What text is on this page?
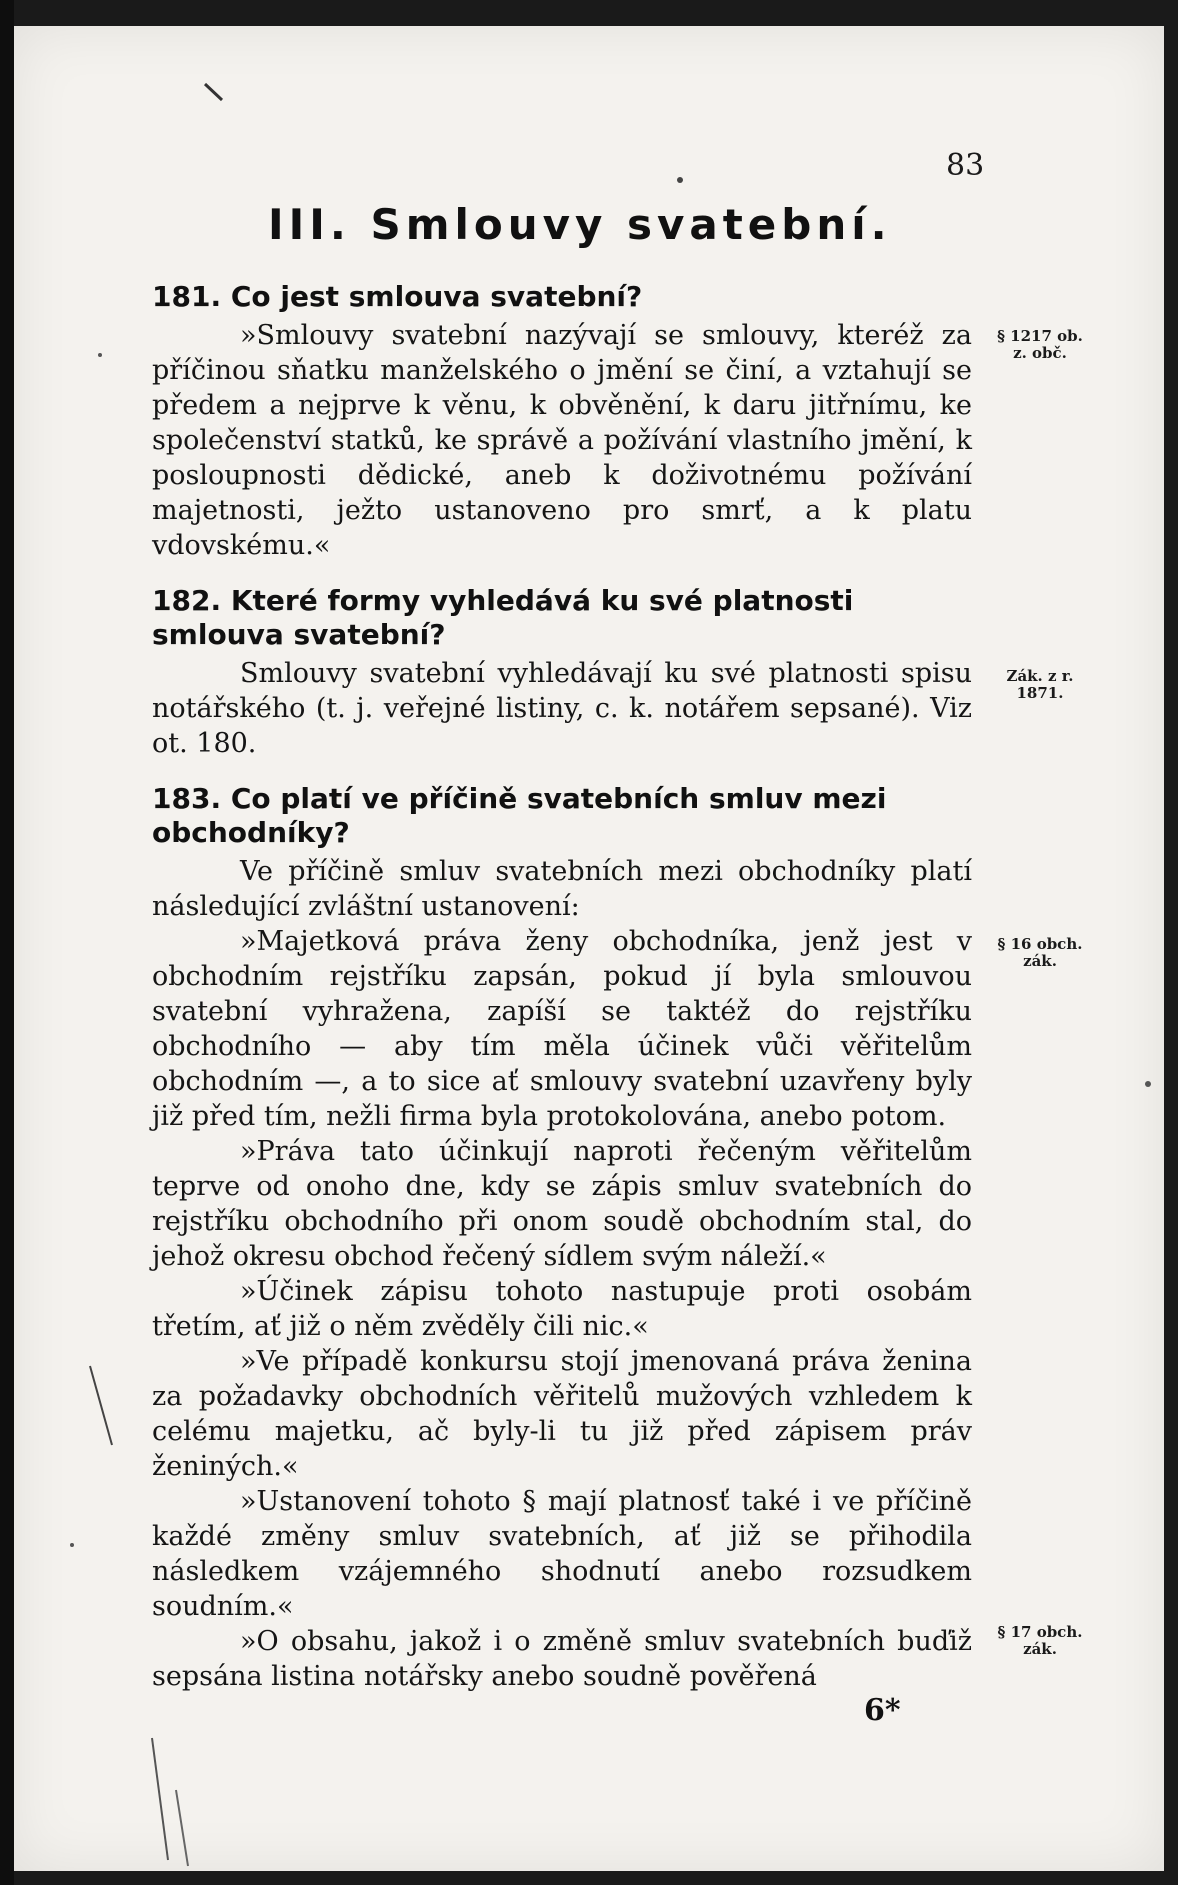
83
III. Smlouvy svatební.
181. Co jest smlouva svatební?
»Smlouvy svatební nazývají se smlouvy, kteréž za příčinou sňatku manželského o jmění se činí, a vztahují se předem a nejprve k věnu, k obvěnění, k daru jitřnímu, ke společenství statků, ke správě a požívání vlastního jmění, k posloupnosti dědické, aneb k doživotnému požívání majetnosti, ježto ustanoveno pro smrť, a k platu vdovskému.«
182. Které formy vyhledává ku své platnosti smlouva svatební?
Smlouvy svatební vyhledávají ku své platnosti spisu notářského (t. j. veřejné listiny, c. k. notářem sepsané). Viz ot. 180.
183. Co platí ve příčině svatebních smluv mezi obchodníky?
Ve příčině smluv svatebních mezi obchodníky platí následující zvláštní ustanovení:
»Majetková práva ženy obchodníka, jenž jest v obchodním rejstříku zapsán, pokud jí byla smlouvou svatební vyhražena, zapíší se taktéž do rejstříku obchodního — aby tím měla účinek vůči věřitelům obchodním —, a to sice ať smlouvy svatební uzavřeny byly již před tím, nežli firma byla protokolována, anebo potom.
»Práva tato účinkují naproti řečeným věřitelům teprve od onoho dne, kdy se zápis smluv svatebních do rejstříku obchodního při onom soudě obchodním stal, do jehož okresu obchod řečený sídlem svým náleží.«
»Účinek zápisu tohoto nastupuje proti osobám třetím, ať již o něm zvěděly čili nic.«
»Ve případě konkursu stojí jmenovaná práva ženina za požadavky obchodních věřitelů mužových vzhledem k celému majetku, ač byly-li tu již před zápisem práv ženiných.«
»Ustanovení tohoto § mají platnosť také i ve příčině každé změny smluv svatebních, ať již se přihodila následkem vzájemného shodnutí anebo rozsudkem soudním.«
»O obsahu, jakož i o změně smluv svatebních buďiž sepsána listina notářsky anebo soudně pověřená
§ 1217 ob. z. obč.
Zák. z r. 1871.
§ 16 obch. zák.
§ 17 obch. zák.
6*
